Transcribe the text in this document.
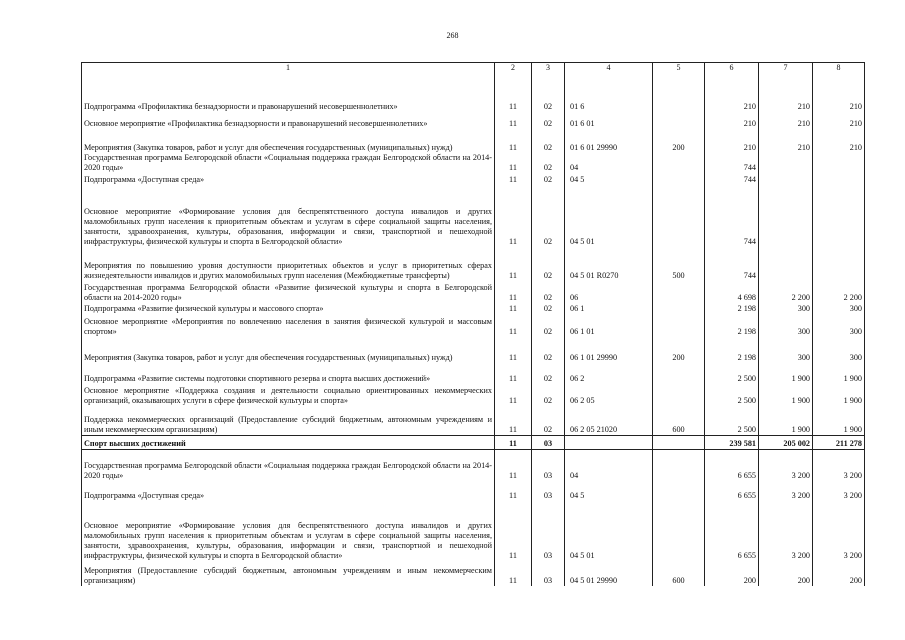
268
1	2	3	4	5	6	7	8
Подпрограмма «Профилактика безнадзорности и правонарушений несовершеннолетних»	11	02	01 6		210	210	210
Основное мероприятие «Профилактика безнадзорности и правонарушений несовершеннолетних»	11	02	01 6 01		210	210	210
Мероприятия (Закупка товаров, работ и услуг для обеспечения государственных (муниципальных) нужд)	11	02	01 6 01 29990	200	210	210	210
Государственная программа Белгородской области «Социальная поддержка граждан Белгородской области на 2014-2020 годы»	11	02	04		744		
Подпрограмма «Доступная среда»	11	02	04 5		744		
Основное мероприятие «Формирование условия для беспрепятственного доступа инвалидов и других маломобильных групп населения к приоритетным объектам и услугам в сфере социальной защиты населения, занятости, здравоохранения, культуры, образования, информации и связи, транспортной и пешеходной инфраструктуры, физической культуры и спорта в Белгородской области»	11	02	04 5 01		744		
Мероприятия по повышению уровня доступности приоритетных объектов и услуг в приоритетных сферах жизнедеятельности инвалидов и других маломобильных групп населения (Межбюджетные трансферты)	11	02	04 5 01 R0270	500	744		
Государственная программа Белгородской области «Развитие физической культуры и спорта в Белгородской области на 2014-2020 годы»	11	02	06		4 698	2 200	2 200
Подпрограмма «Развитие физической культуры и массового спорта»	11	02	06 1		2 198	300	300
Основное мероприятие «Мероприятия по вовлечению населения в занятия физической культурой и массовым спортом»	11	02	06 1 01		2 198	300	300
Мероприятия (Закупка товаров, работ и услуг для обеспечения государственных (муниципальных) нужд)	11	02	06 1 01 29990	200	2 198	300	300
Подпрограмма «Развитие системы подготовки спортивного резерва и спорта высших достижений»	11	02	06 2		2 500	1 900	1 900
Основное мероприятие «Поддержка создания и деятельности социально ориентированных некоммерческих организаций, оказывающих услуги в сфере физической культуры и спорта»	11	02	06 2 05		2 500	1 900	1 900
Поддержка некоммерческих организаций (Предоставление субсидий бюджетным, автономным учреждениям и иным некоммерческим организациям)	11	02	06 2 05 21020	600	2 500	1 900	1 900
Спорт высших достижений	11	03			239 581	205 002	211 278
Государственная программа Белгородской области «Социальная поддержка граждан Белгородской области на 2014-2020 годы»	11	03	04		6 655	3 200	3 200
Подпрограмма «Доступная среда»	11	03	04 5		6 655	3 200	3 200
Основное мероприятие «Формирование условия для беспрепятственного доступа инвалидов и других маломобильных групп населения к приоритетным объектам и услугам в сфере социальной защиты населения, занятости, здравоохранения, культуры, образования, информации и связи, транспортной и пешеходной инфраструктуры, физической культуры и спорта в Белгородской области»	11	03	04 5 01		6 655	3 200	3 200
Мероприятия (Предоставление субсидий бюджетным, автономным учреждениям и иным некоммерческим организациям)	11	03	04 5 01 29990	600	200	200	200
